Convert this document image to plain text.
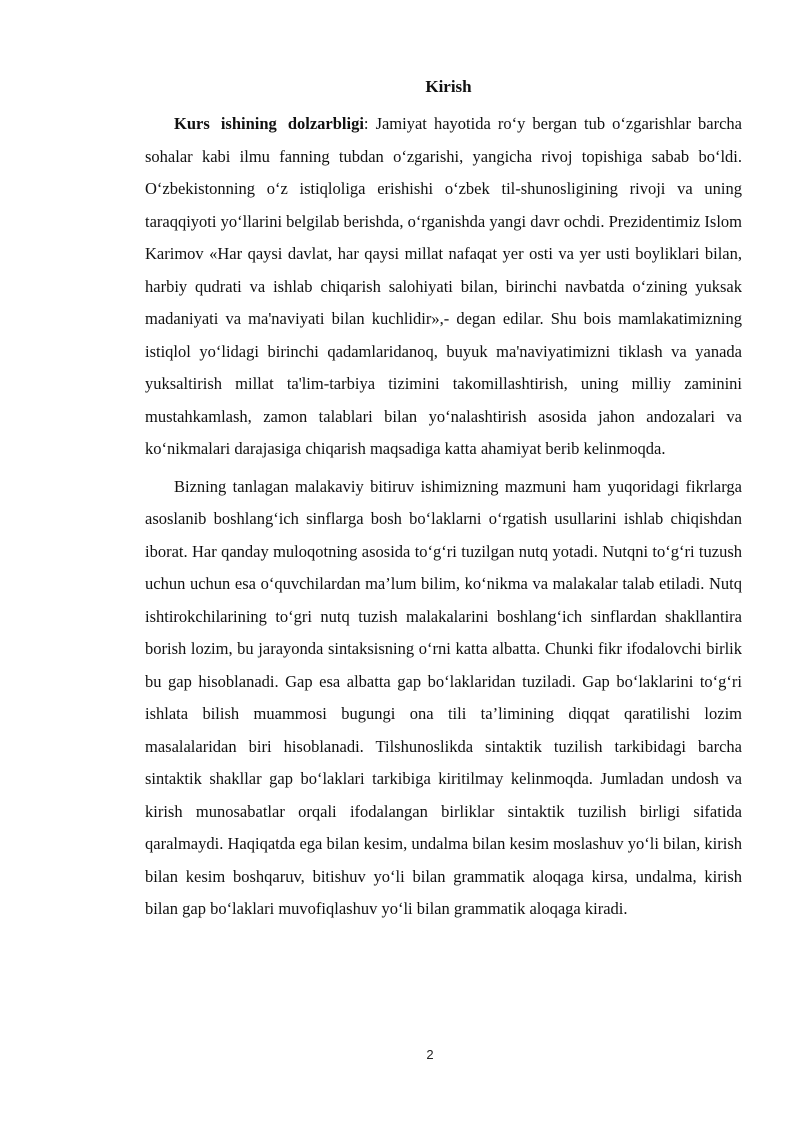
Kirish

Kurs ishining dolzarbligi: Jamiyat hayotida ro‘y bergan tub o‘zgarishlar barcha sohalar kabi ilmu fanning tubdan o‘zgarishi, yangicha rivoj topishiga sabab bo‘ldi. O‘zbekistonning o‘z istiqloliga erishishi o‘zbek til-shunosligining rivoji va uning taraqqiyoti yo‘llarini belgilab berishda, o‘rganishda yangi davr ochdi. Prezidentimiz Islom Karimov «Har qaysi davlat, har qaysi millat nafaqat yer osti va yer usti boyliklari bilan, harbiy qudrati va ishlab chiqarish salohiyati bilan, birinchi navbatda o‘zining yuksak madaniyati va ma'naviyati bilan kuchlidir»,- degan edilar. Shu bois mamlakatimizning istiqlol yo‘lidagi birinchi qadamlaridanoq, buyuk ma'naviyatimizni tiklash va yanada yuksaltirish millat ta'lim-tarbiya tizimini takomillashtirish, uning milliy zaminini mustahkamlash, zamon talablari bilan yo‘nalashtirish asosida jahon andozalari va ko‘nikmalari darajasiga chiqarish maqsadiga katta ahamiyat berib kelinmoqda.

Bizning tanlagan malakaviy bitiruv ishimizning mazmuni ham yuqoridagi fikrlarga asoslanib boshlang‘ich sinflarga bosh bo‘laklarni o‘rgatish usullarini ishlab chiqishdan iborat. Har qanday muloqotning asosida to‘g‘ri tuzilgan nutq yotadi. Nutqni to‘g‘ri tuzush uchun uchun esa o‘quvchilardan ma’lum bilim, ko‘nikma va malakalar talab etiladi. Nutq ishtirokchilarining to‘gri nutq tuzish malakalarini boshlang‘ich sinflardan shakllantira borish lozim, bu jarayonda sintaksisning o‘rni katta albatta. Chunki fikr ifodalovchi birlik bu gap hisoblanadi. Gap esa albatta gap bo‘laklaridan tuziladi. Gap bo‘laklarini to‘g‘ri ishlata bilish muammosi bugungi ona tili ta’limining diqqat qaratilishi lozim masalalaridan biri hisoblanadi. Tilshunoslikda sintaktik tuzilish tarkibidagi barcha sintaktik shakllar gap bo‘laklari tarkibiga kiritilmay kelinmoqda. Jumladan undosh va kirish munosabatlar orqali ifodalangan birliklar sintaktik tuzilish birligi sifatida qaralmaydi. Haqiqatda ega bilan kesim, undalma bilan kesim moslashuv yo‘li bilan, kirish bilan kesim boshqaruv, bitishuv yo‘li bilan grammatik aloqaga kirsa, undalma, kirish bilan gap bo‘laklari muvofiqlashuv yo‘li bilan grammatik aloqaga kiradi.

2
